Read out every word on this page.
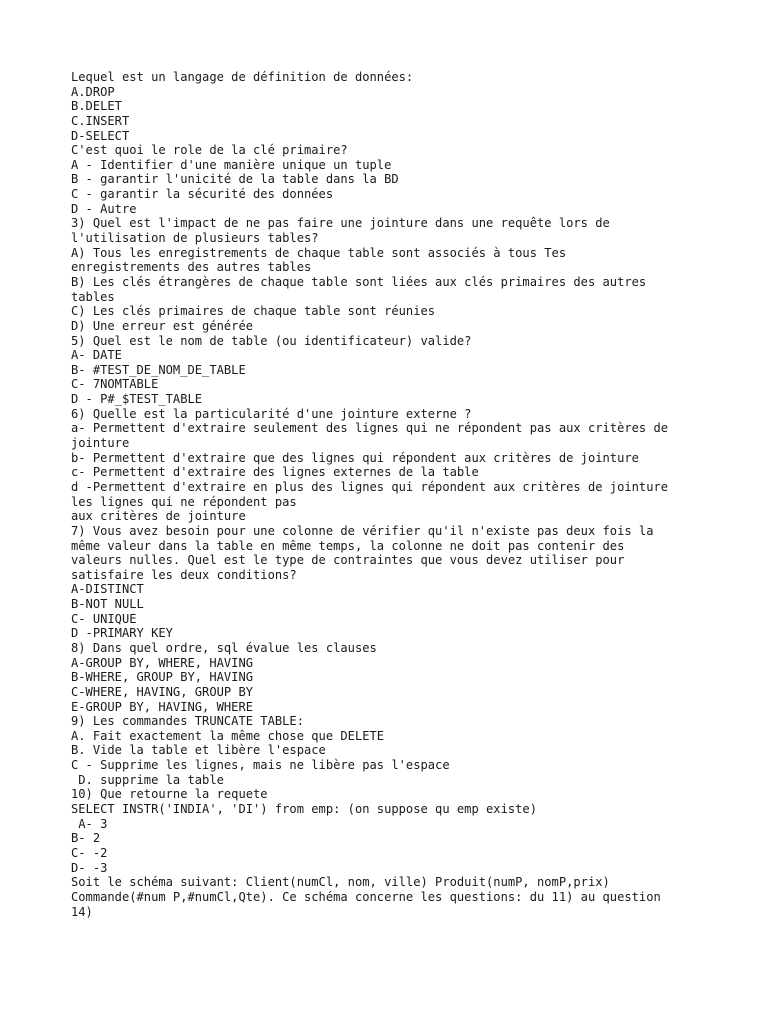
Lequel est un langage de définition de données:

A.DROP

B.DELET

C.INSERT

D-SELECT

C'est quoi le role de la clé primaire?

A - Identifier d'une manière unique un tuple

B - garantir l'unicité de la table dans la BD

C - garantir la sécurité des données

D - Autre

3) Quel est l'impact de ne pas faire une jointure dans une requête lors de

l'utilisation de plusieurs tables?

A) Tous les enregistrements de chaque table sont associés à tous Tes

enregistrements des autres tables

B) Les clés étrangères de chaque table sont liées aux clés primaires des autres

tables

C) Les clés primaires de chaque table sont réunies

D) Une erreur est générée

5) Quel est le nom de table (ou identificateur) valide?

A- DATE

B- #TEST_DE_NOM_DE_TABLE

C- 7NOMTABLE

D - P#_$TEST_TABLE

6) Quelle est la particularité d'une jointure externe ?

a- Permettent d'extraire seulement des lignes qui ne répondent pas aux critères de

jointure

b- Permettent d'extraire que des lignes qui répondent aux critères de jointure

c- Permettent d'extraire des lignes externes de la table

d -Permettent d'extraire en plus des lignes qui répondent aux critères de jointure

les lignes qui ne répondent pas

aux critères de jointure

7) Vous avez besoin pour une colonne de vérifier qu'il n'existe pas deux fois la

même valeur dans la table en même temps, la colonne ne doit pas contenir des

valeurs nulles. Quel est le type de contraintes que vous devez utiliser pour

satisfaire les deux conditions?

A-DISTINCT

B-NOT NULL

C- UNIQUE

D -PRIMARY KEY

8) Dans quel ordre, sql évalue les clauses

A-GROUP BY, WHERE, HAVING

B-WHERE, GROUP BY, HAVING

C-WHERE, HAVING, GROUP BY

E-GROUP BY, HAVING, WHERE

9) Les commandes TRUNCATE TABLE:

A. Fait exactement la même chose que DELETE

B. Vide la table et libère l'espace

C - Supprime les lignes, mais ne libère pas l'espace

D. supprime la table

10) Que retourne la requete

SELECT INSTR('INDIA', 'DI') from emp: (on suppose qu emp existe)

A- 3

B- 2

C- -2

D- -3

Soit le schéma suivant: Client(numCl, nom, ville) Produit(numP, nomP,prix)

Commande(#num P,#numCl,Qte). Ce schéma concerne les questions: du 11) au question

14)
